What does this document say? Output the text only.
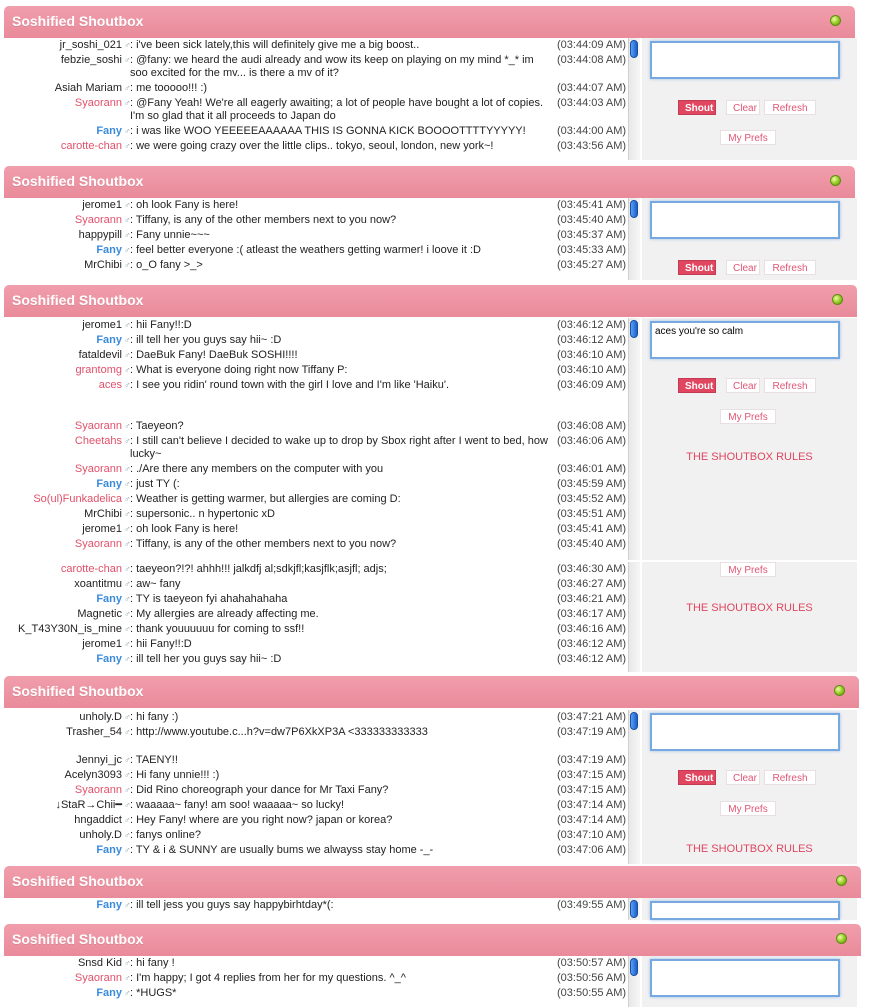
Soshified Shoutbox
jr_soshi_021 ♂ : i've been sick lately,this will definitely give me a big boost..	(03:44:09 AM)
febzie_soshi ♂ : @fany: we heard the audi already and wow its keep on playing on my mind *_* im soo excited for the mv... is there a mv of it?
(03:44:08 AM)
Asiah Mariam ♂ : me tooooo!!! :)	(03:44:07 AM)
Syaorann ♂ : @Fany Yeah! We're all eagerly awaiting; a lot of people have bought a lot of copies. I'm so glad that it all proceeds to Japan do
(03:44:03 AM)
Fany ♂ : i was like WOO YEEEEEAAAAAA THIS IS GONNA KICK BOOOOTTTTYYYYY!	(03:44:00 AM)
carotte-chan ♂ : we were going crazy over the little clips.. tokyo, seoul, london, new york~!	(03:43:56 AM)
Shout	Clear	Refresh
My Prefs
Soshified Shoutbox
jerome1 ♂ : oh look Fany is here!	(03:45:41 AM)
Syaorann ♂ : Tiffany, is any of the other members next to you now?	(03:45:40 AM)
happypill ♂ : Fany unnie~~~	(03:45:37 AM)
Fany ♂ : feel better everyone :( atleast the weathers getting warmer! i loove it :D	(03:45:33 AM)
MrChibi ♂ : o_O fany >_>	(03:45:27 AM)	Shout	Clear	Refresh
Soshified Shoutbox
jerome1 ♂ : hii Fany!!:D	(03:46:12 AM)
Fany ♂ : ill tell her you guys say hii~ :D	(03:46:12 AM)
fataldevil ♂ : DaeBuk Fany! DaeBuk SOSHI!!!!	(03:46:10 AM)
grantomg ♂ : What is everyone doing right now Tiffany P:	(03:46:10 AM)
aces ♂ : I see you ridin' round town with the girl I love and I'm like 'Haiku'.	(03:46:09 AM)
Syaorann ♂ : Taeyeon?	(03:46:08 AM)
Cheetahs ♂ : I still can't believe I decided to wake up to drop by Sbox right after I went to bed, how lucky~
(03:46:06 AM)
Syaorann ♂ : ./Are there any members on the computer with you	(03:46:01 AM)
Fany ♂ : just TY (:	(03:45:59 AM)
So(ul)Funkadelica ♂ : Weather is getting warmer, but allergies are coming D:	(03:45:52 AM)
MrChibi ♂ : supersonic.. n hypertonic xD	(03:45:51 AM)
jerome1 ♂ : oh look Fany is here!	(03:45:41 AM)
Syaorann ♂ : Tiffany, is any of the other members next to you now?	(03:45:40 AM)
aces you're so calm
Shout	Clear	Refresh
My Prefs
THE SHOUTBOX RULES
carotte-chan ♂ : taeyeon?!?! ahhh!!! jalkdfj al;sdkjfl;kasjflk;asjfl; adjs;	(03:46:30 AM)
xoantitmu ♂ : aw~ fany	(03:46:27 AM)
Fany ♂ : TY is taeyeon fyi ahahahahaha	(03:46:21 AM)
Magnetic ♂ : My allergies are already affecting me.	(03:46:17 AM)
K_T43Y30N_is_mine ♂ : thank youuuuuu for coming to ssf!!	(03:46:16 AM)
jerome1 ♂ : hii Fany!!:D	(03:46:12 AM)
Fany ♂ : ill tell her you guys say hii~ :D	(03:46:12 AM)
My Prefs
THE SHOUTBOX RULES
Soshified Shoutbox
unholy.D ♂ : hi fany :)	(03:47:21 AM)
Trasher_54 ♂ : http://www.youtube.c...h?v=dw7P6XkXP3A <333333333333	(03:47:19 AM)
Jennyi_jc ♂ : TAENY!!	(03:47:19 AM)
Acelyn3093 ♂ : Hi fany unnie!!! :)	(03:47:15 AM)
Syaorann ♂ : Did Rino choreograph your dance for Mr Taxi Fany?	(03:47:15 AM)
↓StaR→Chii━ ♂ : waaaaa~ fany! am soo! waaaaa~ so lucky!	(03:47:14 AM)
hngaddict ♂ : Hey Fany! where are you right now? japan or korea?	(03:47:14 AM)
unholy.D ♂ : fanys online?	(03:47:10 AM)
Fany ♂ : TY & i & SUNNY are usually bums we alwayss stay home -_-	(03:47:06 AM)
Shout	Clear	Refresh
My Prefs
THE SHOUTBOX RULES
Soshified Shoutbox
Fany ♂ : ill tell jess you guys say happybirhtday*(:	(03:49:55 AM)
Soshified Shoutbox
Snsd Kid ♂ : hi fany !	(03:50:57 AM)
Syaorann ♂ : I'm happy; I got 4 replies from her for my questions. ^_^	(03:50:56 AM)
Fany ♂ : *HUGS*	(03:50:55 AM)
